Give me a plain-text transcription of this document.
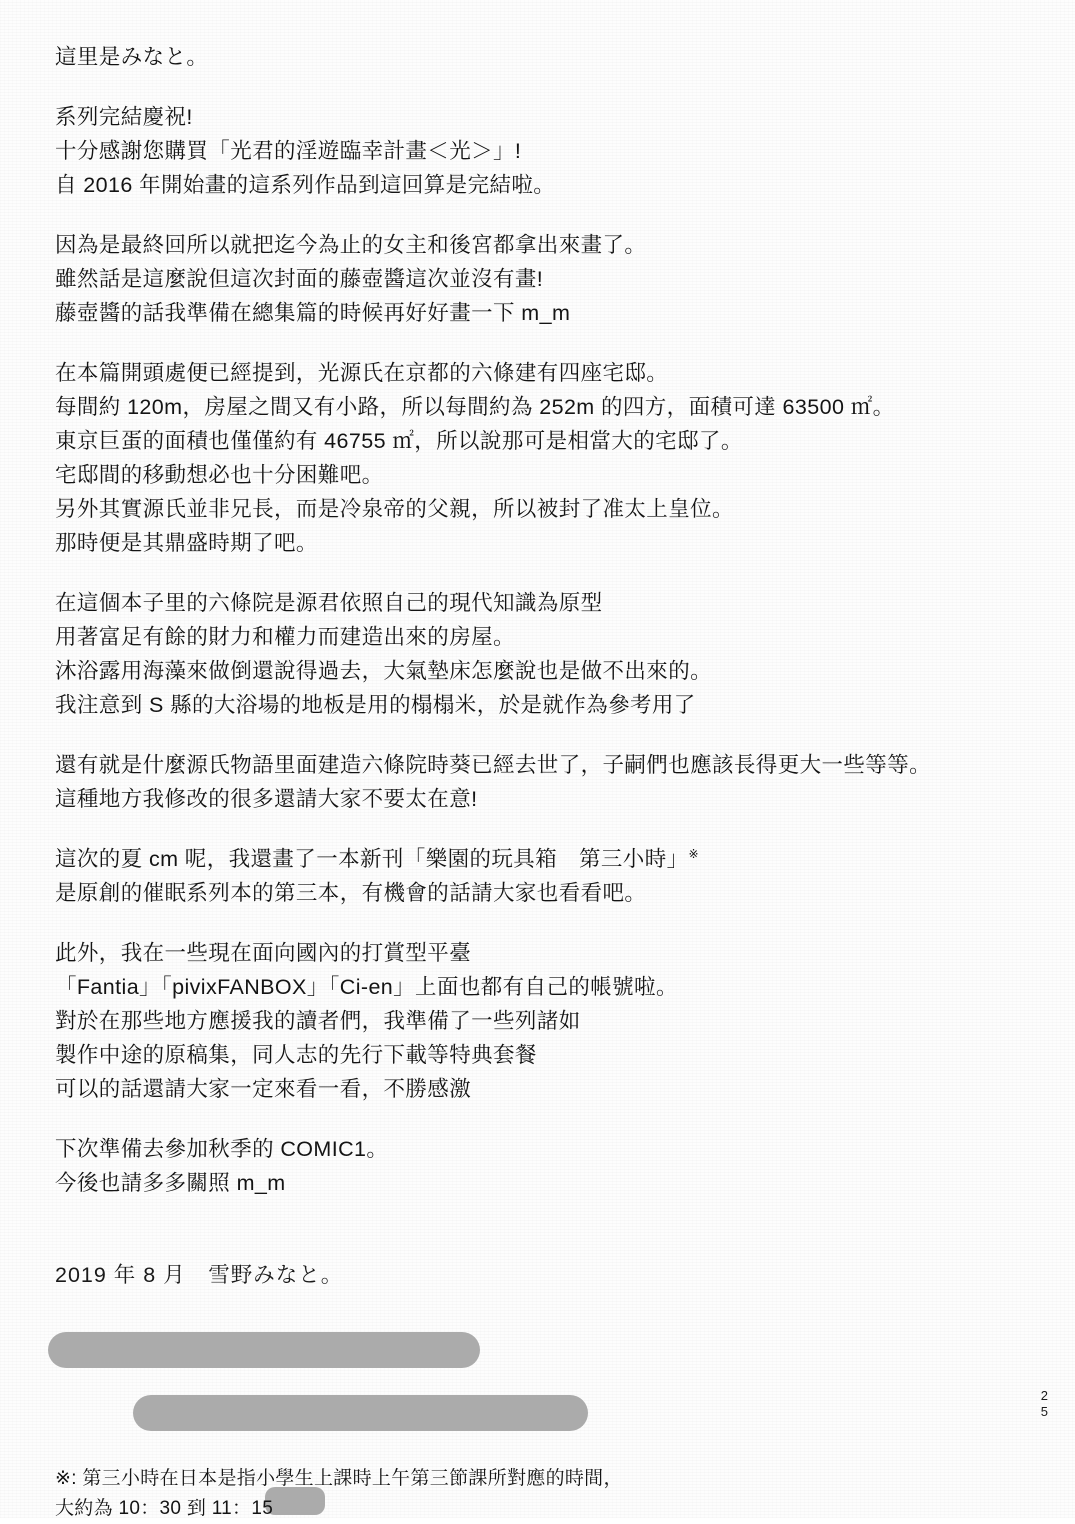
這里是みなと。
系列完結慶祝!
十分感謝您購買「光君的淫遊臨幸計畫＜光＞」!
自 2016 年開始畫的這系列作品到這回算是完結啦。
因為是最終回所以就把迄今為止的女主和後宮都拿出來畫了。
雖然話是這麼說但這次封面的藤壺醬這次並沒有畫!
藤壺醬的話我準備在總集篇的時候再好好畫一下 m_m
在本篇開頭處便已經提到，光源氏在京都的六條建有四座宅邸。
每間約 120m，房屋之間又有小路，所以每間約為 252m 的四方，面積可達 63500 ㎡。
東京巨蛋的面積也僅僅約有 46755 ㎡，所以說那可是相當大的宅邸了。
宅邸間的移動想必也十分困難吧。
另外其實源氏並非兄長，而是冷泉帝的父親，所以被封了准太上皇位。
那時便是其鼎盛時期了吧。
在這個本子里的六條院是源君依照自己的現代知識為原型
用著富足有餘的財力和權力而建造出來的房屋。
沐浴露用海藻來做倒還說得過去，大氣墊床怎麼說也是做不出來的。
我注意到 S 縣的大浴場的地板是用的榻榻米，於是就作為參考用了
還有就是什麼源氏物語里面建造六條院時葵已經去世了，子嗣們也應該長得更大一些等等。
這種地方我修改的很多還請大家不要太在意!
這次的夏 cm 呢，我還畫了一本新刊「樂園的玩具箱　第三小時」※
是原創的催眠系列本的第三本，有機會的話請大家也看看吧。
此外，我在一些現在面向國內的打賞型平臺
「Fantia」「pivixFANBOX」「Ci-en」上面也都有自己的帳號啦。
對於在那些地方應援我的讀者們，我準備了一些列諸如
製作中途的原稿集，同人志的先行下載等特典套餐
可以的話還請大家一定來看一看，不勝感激
下次準備去參加秋季的 COMIC1。
今後也請多多關照 m_m
2019 年 8 月　雪野みなと。
2
5
※: 第三小時在日本是指小學生上課時上午第三節課所對應的時間，
大約為 10：30 到 11：15
